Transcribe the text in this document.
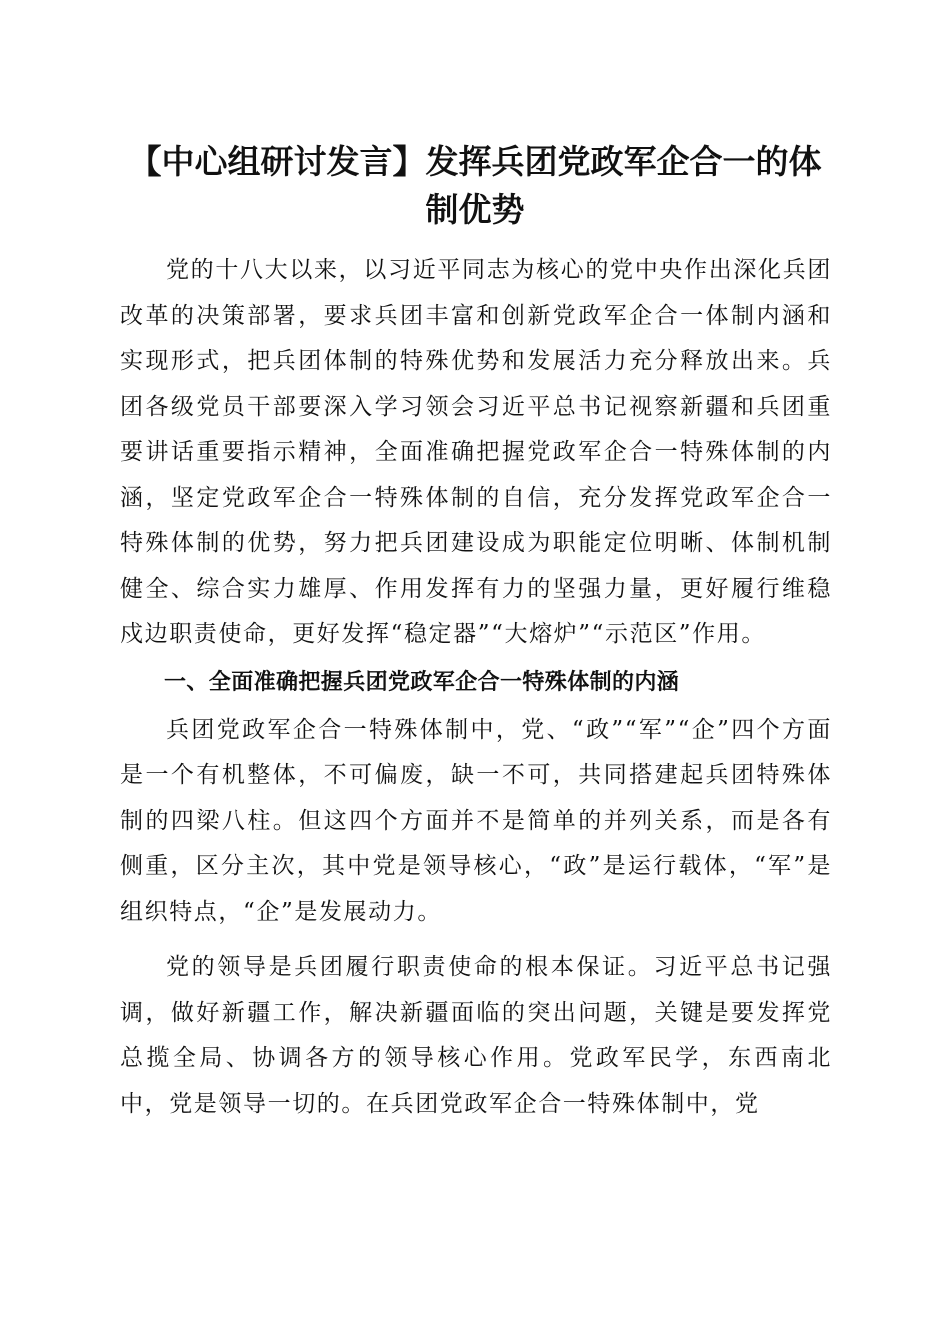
【中心组研讨发言】发挥兵团党政军企合一的体制优势

党的十八大以来，以习近平同志为核心的党中央作出深化兵团改革的决策部署，要求兵团丰富和创新党政军企合一体制内涵和实现形式，把兵团体制的特殊优势和发展活力充分释放出来。兵团各级党员干部要深入学习领会习近平总书记视察新疆和兵团重要讲话重要指示精神，全面准确把握党政军企合一特殊体制的内涵，坚定党政军企合一特殊体制的自信，充分发挥党政军企合一特殊体制的优势，努力把兵团建设成为职能定位明晰、体制机制健全、综合实力雄厚、作用发挥有力的坚强力量，更好履行维稳戍边职责使命，更好发挥“稳定器”“大熔炉”“示范区”作用。

一、全面准确把握兵团党政军企合一特殊体制的内涵

兵团党政军企合一特殊体制中，党、“政”“军”“企”四个方面是一个有机整体，不可偏废，缺一不可，共同搭建起兵团特殊体制的四梁八柱。但这四个方面并不是简单的并列关系，而是各有侧重，区分主次，其中党是领导核心，“政”是运行载体，“军”是组织特点，“企”是发展动力。

党的领导是兵团履行职责使命的根本保证。习近平总书记强调，做好新疆工作，解决新疆面临的突出问题，关键是要发挥党总揽全局、协调各方的领导核心作用。党政军民学，东西南北中，党是领导一切的。在兵团党政军企合一特殊体制中，党
